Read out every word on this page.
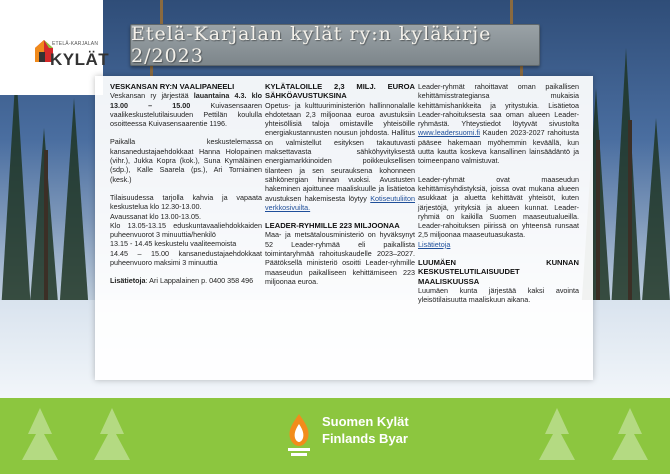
ETELÄ-KARJALAN
KYLÄT
Etelä-Karjalan kylät ry:n kyläkirje 2/2023
VESKANSAN RY:N VAALIPANEELI

Veskansan ry järjestää lauantaina 4.3. klo 13.00 – 15.00 Kuivasensaaren vaalikeskustelutilaisuuden Pettilän koululla osoitteessa Kuivasensaarentie 1196.

Paikalla keskustelemassa kansanedustajaehdokkaat Hanna Holopainen (vihr.), Jukka Kopra (kok.), Suna Kymäläinen (sdp.), Kalle Saarela (ps.), Ari Torniainen (kesk.)

Tilaisuudessa tarjolla kahvia ja vapaata keskustelua klo 12.30-13.00.
Avaussanat klo 13.00-13.05.
Klo 13.05-13.15 eduskuntavaaliehdokkaiden puheenvuorot 3 minuuttia/henkilö
13.15 - 14.45 keskustelu vaaliteemoista
14.45 – 15.00 kansanedustajaehdokkaat puheenvuoro maksimi 3 minuuttia

Lisätietoja: Ari Lappalainen p. 0400 358 496

KYLÄTALOILLE 2,3 MILJ. EUROA SÄHKÖAVUSTUKSINA

Opetus- ja kulttuuriministeriön hallinnonalalle ehdotetaan 2,3 miljoonaa euroa avustuksiin yhteisöllisiä taloja omistaville yhteisöille energiakustannusten nousun johdosta. Hallitus on valmistellut esityksen takautuvasti maksettavasta sähköhyvityksestä energiamarkkinoiden poikkeuksellisen tilanteen ja sen seurauksena kohonneen sähkönergian hinnan vuoksi. Avustusten hakeminen ajoittunee maaliskuulle ja lisätietoa avustuksen hakemisesta löytyy Kotiseutuliiton verkkosivuilta.

LEADER-RYHMILLE 223 MILJOONAA

Maa- ja metsätalousministeriö on hyväksynyt 52 Leader-ryhmää eli paikallista toimintaryhmää rahoituskaudelle 2023–2027. Päätöksellä ministeriö osoitti Leader-ryhmille maaseudun paikalliseen kehittämiseen 223 miljoonaa euroa.

Leader-ryhmät rahoittavat oman paikallisen kehittämisstrategiansa mukaisia kehittämishankkeita ja yritystukia. Lisätietoa Leader-rahoituksesta saa oman alueen Leader-ryhmästä. Yhteystiedot löytyvät sivustolta www.leadersuomi.fi Kauden 2023-2027 rahoitusta pääsee hakemaan myöhemmin keväällä, kun uutta kautta koskeva kansallinen lainsäädäntö ja toimeenpano valmistuvat.

Leader-ryhmät ovat maaseudun kehittämisyhdistyksiä, joissa ovat mukana alueen asukkaat ja aluetta kehittävät yhteisöt, kuten järjestöjä, yrityksiä ja alueen kunnat. Leader-ryhmiä on kaikilla Suomen maaseutualueilla. Leader-rahoituksen piirissä on yhteensä runsaat 2,5 miljoonaa maaseutuasukasta.
Lisätietoja

LUUMÄEN KUNNAN KESKUSTELUTILAISUUDET MAALISKUUSSA

Luumäen kunta järjestää kaksi avointa yleisötilaisuutta maaliskuun aikana.

Suomen Kylät
Finlands Byar
